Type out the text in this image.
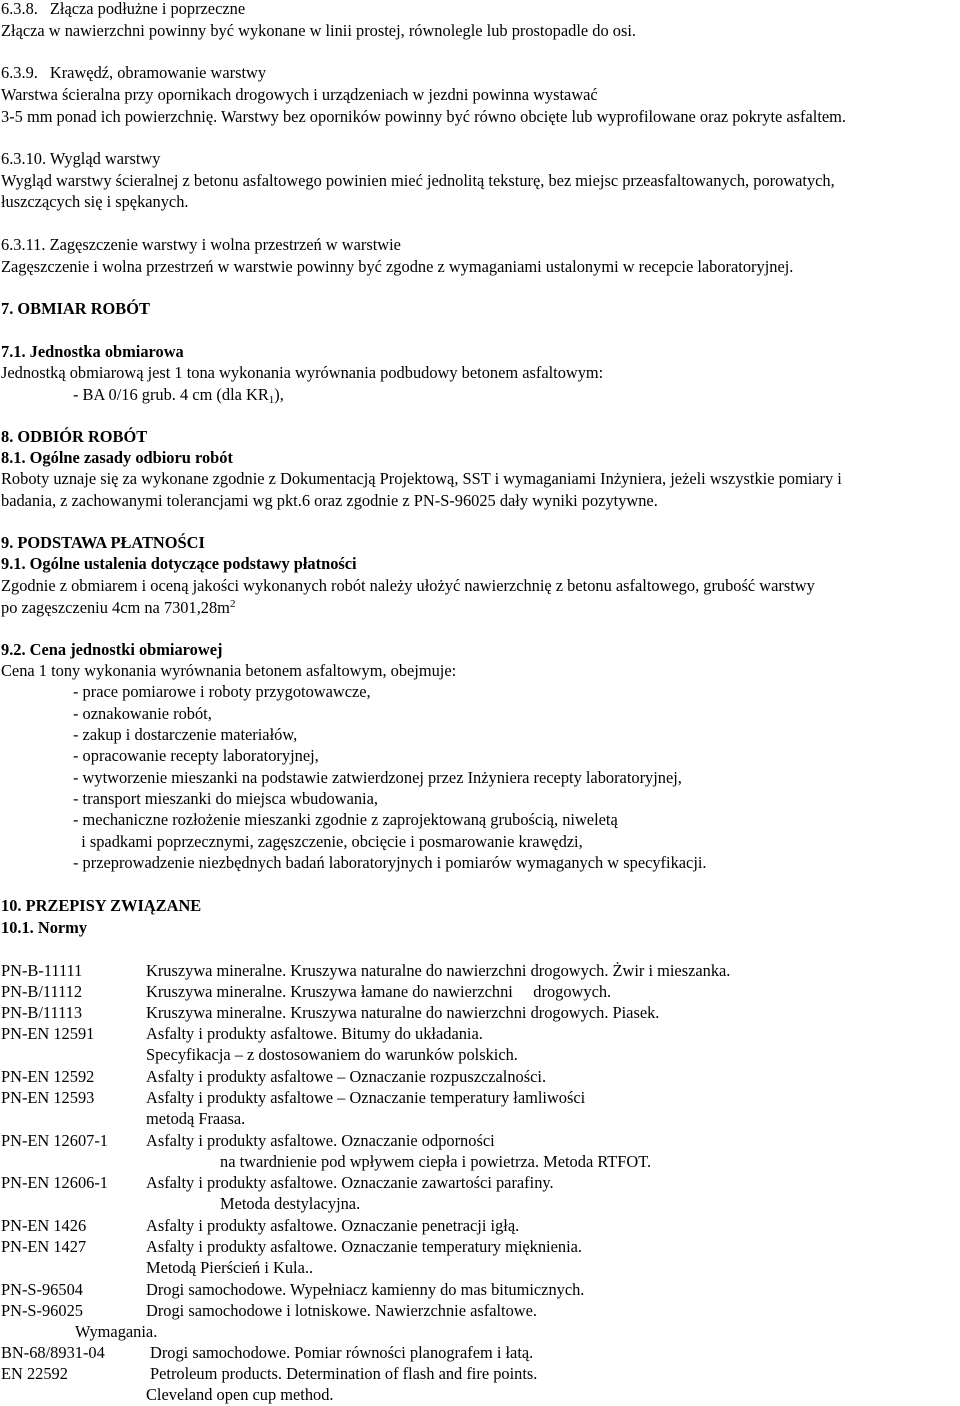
6.3.8. Złącza podłużne i poprzeczne
Złącza w nawierzchni powinny być wykonane w linii prostej, równolegle lub prostopadle do osi.
6.3.9. Krawędź, obramowanie warstwy
Warstwa ścieralna przy opornikach drogowych i urządzeniach w jezdni powinna wystawać
3-5 mm ponad ich powierzchnię. Warstwy bez oporników powinny być równo obcięte lub wyprofilowane oraz pokryte asfaltem.
6.3.10. Wygląd warstwy
Wygląd warstwy ścieralnej z betonu asfaltowego powinien mieć jednolitą teksturę, bez miejsc przeasfaltowanych, porowatych,
łuszczących się i spękanych.
6.3.11. Zagęszczenie warstwy i wolna przestrzeń w warstwie
Zagęszczenie i wolna przestrzeń w warstwie powinny być zgodne z wymaganiami ustalonymi w recepcie laboratoryjnej.
7. OBMIAR ROBÓT
7.1. Jednostka obmiarowa
Jednostką obmiarową jest 1 tona wykonania wyrównania podbudowy betonem asfaltowym:
- BA 0/16 grub. 4 cm (dla $KR_1$),
8. ODBIÓR ROBÓT
8.1. Ogólne zasady odbioru robót
Roboty uznaje się za wykonane zgodnie z Dokumentacją Projektową, SST i wymaganiami Inżyniera, jeżeli wszystkie pomiary i
badania, z zachowanymi tolerancjami wg pkt.6 oraz zgodnie z PN-S-96025 dały wyniki pozytywne.
9. PODSTAWA PŁATNOŚCI
9.1. Ogólne ustalenia dotyczące podstawy płatności
Zgodnie z obmiarem i oceną jakości wykonanych robót należy ułożyć nawierzchnię z betonu asfaltowego, grubość warstwy
po zagęszczeniu 4cm na $7301,28m^2$
9.2. Cena jednostki obmiarowej
Cena 1 tony wykonania wyrównania betonem asfaltowym, obejmuje:
- prace pomiarowe i roboty przygotowawcze,
- oznakowanie robót,
- zakup i dostarczenie materiałów,
- opracowanie recepty laboratoryjnej,
- wytworzenie mieszanki na podstawie zatwierdzonej przez Inżyniera recepty laboratoryjnej,
- transport mieszanki do miejsca wbudowania,
- mechaniczne rozłożenie mieszanki zgodnie z zaprojektowaną grubością, niweletą
i spadkami poprzecznymi, zagęszczenie, obcięcie i posmarowanie krawędzi,
- przeprowadzenie niezbędnych badań laboratoryjnych i pomiarów wymaganych w specyfikacji.
10. PRZEPISY ZWIĄZANE
10.1. Normy
PN-B-11111	Kruszywa mineralne. Kruszywa naturalne do nawierzchni drogowych. Żwir i mieszanka.
PN-B/11112	Kruszywa mineralne. Kruszywa łamane do nawierzchni     drogowych.
PN-B/11113	Kruszywa mineralne. Kruszywa naturalne do nawierzchni drogowych. Piasek.
PN-EN 12591	Asfalty i produkty asfaltowe. Bitumy do układania.
Specyfikacja – z dostosowaniem do warunków polskich.
PN-EN 12592	Asfalty i produkty asfaltowe – Oznaczanie rozpuszczalności.
PN-EN 12593	Asfalty i produkty asfaltowe – Oznaczanie temperatury łamliwości
metodą Fraasa.
PN-EN 12607-1 Asfalty i produkty asfaltowe. Oznaczanie odporności
na twardnienie pod wpływem ciepła i powietrza. Metoda RTFOT.
PN-EN 12606-1 Asfalty i produkty asfaltowe. Oznaczanie zawartości parafiny.
Metoda destylacyjna.
PN-EN 1426	Asfalty i produkty asfaltowe. Oznaczanie penetracji igłą.
PN-EN 1427	Asfalty i produkty asfaltowe. Oznaczanie temperatury mięknienia.
Metodą Pierścień i Kula..
PN-S-96504	Drogi samochodowe. Wypełniacz kamienny do mas bitumicznych.
PN-S-96025	Drogi samochodowe i lotniskowe. Nawierzchnie asfaltowe.
Wymagania.
BN-68/8931-04	Drogi samochodowe. Pomiar równości planografem i łatą.
EN 22592	Petroleum products. Determination of flash and fire points.
Cleveland open cup method.
